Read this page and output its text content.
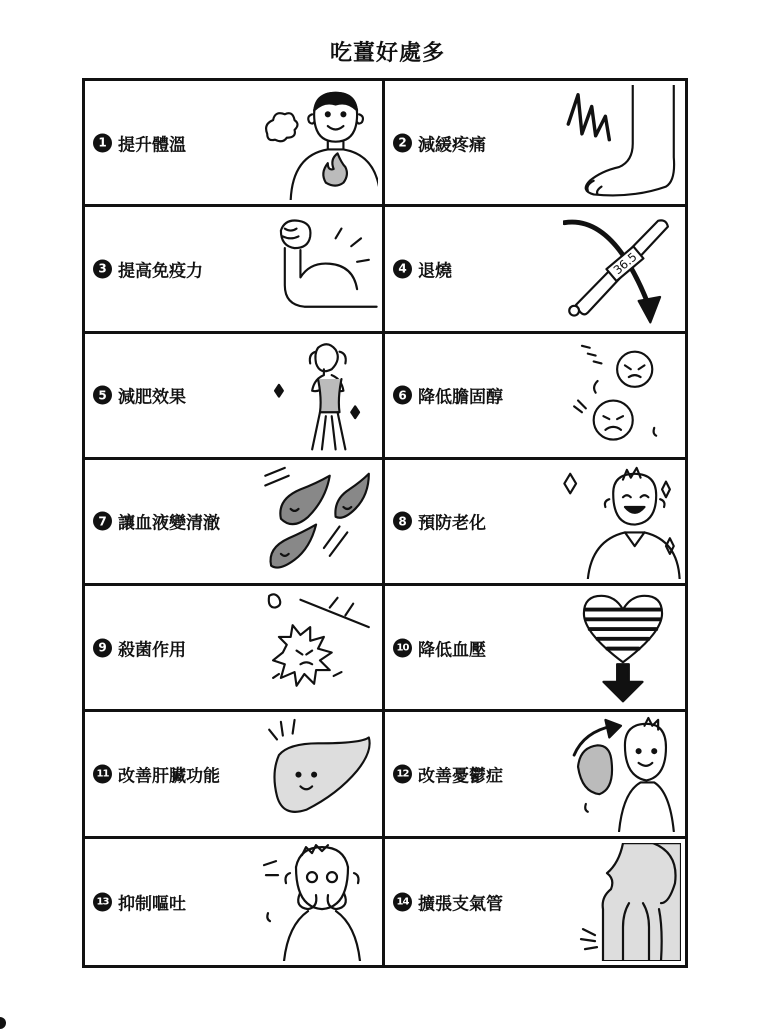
吃薑好處多
1 提升體溫	2 減緩疼痛
3 提高免疫力	4 退燒	36.5
5 減肥效果	6 降低膽固醇
7 讓血液變清澈	8 預防老化
9 殺菌作用	10 降低血壓
11 改善肝臟功能	12 改善憂鬱症
13 抑制嘔吐	14 擴張支氣管
